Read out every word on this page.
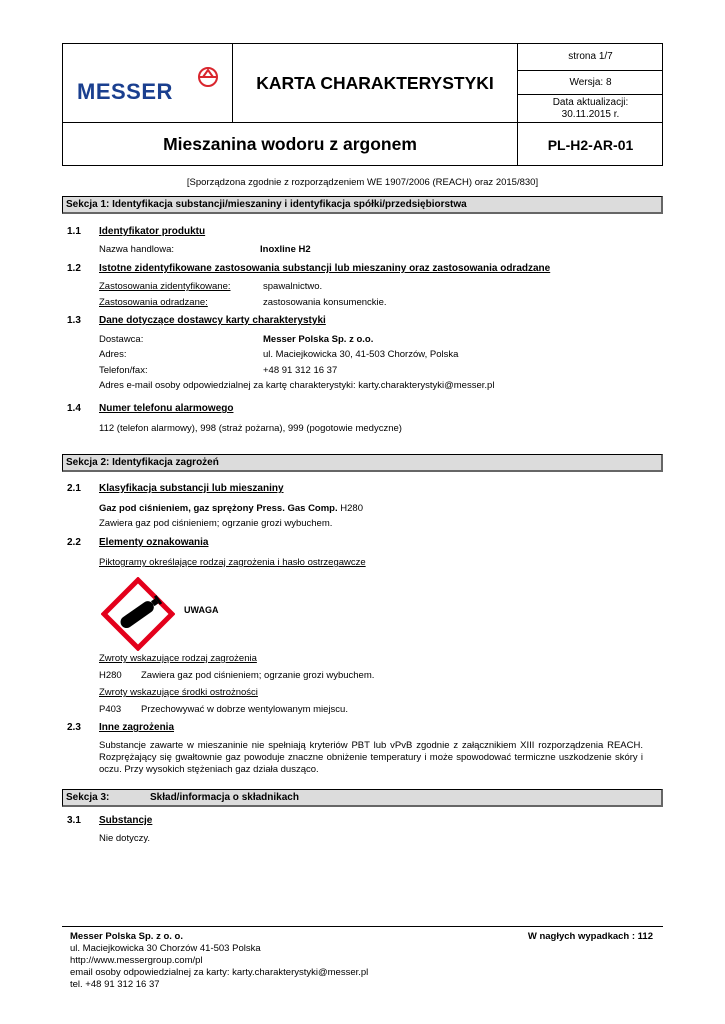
MESSER	KARTA CHARAKTERYSTYKI
strona 1/7
Wersja: 8
Data aktualizacji:
30.11.2015 r.
Mieszanina wodoru z argonem	PL-H2-AR-01
[Sporządzona zgodnie z rozporządzeniem WE 1907/2006 (REACH) oraz 2015/830]
Sekcja 1: Identyfikacja substancji/mieszaniny i identyfikacja spółki/przedsiębiorstwa
1.1 Identyfikator produktu
Nazwa handlowa:	Inoxline H2
1.2 Istotne zidentyfikowane zastosowania substancji lub mieszaniny oraz zastosowania odradzane
Zastosowania zidentyfikowane:	spawalnictwo.
Zastosowania odradzane:	zastosowania konsumenckie.
1.3 Dane dotyczące dostawcy karty charakterystyki
Dostawca:	Messer Polska Sp. z o.o.
Adres:	ul. Maciejkowicka 30, 41-503 Chorzów, Polska
Telefon/fax:	+48 91 312 16 37
Adres e-mail osoby odpowiedzialnej za kartę charakterystyki: karty.charakterystyki@messer.pl
1.4 Numer telefonu alarmowego
112 (telefon alarmowy), 998 (straż pożarna), 999 (pogotowie medyczne)
Sekcja 2: Identyfikacja zagrożeń
2.1 Klasyfikacja substancji lub mieszaniny
Gaz pod ciśnieniem, gaz sprężony Press. Gas Comp. H280
Zawiera gaz pod ciśnieniem; ogrzanie grozi wybuchem.
2.2 Elementy oznakowania
Piktogramy określające rodzaj zagrożenia i hasło ostrzegawcze
UWAGA
Zwroty wskazujące rodzaj zagrożenia
H280 Zawiera gaz pod ciśnieniem; ogrzanie grozi wybuchem.
Zwroty wskazujące środki ostrożności
P403 Przechowywać w dobrze wentylowanym miejscu.
2.3 Inne zagrożenia
Substancje zawarte w mieszaninie nie spełniają kryteriów PBT lub vPvB zgodnie z załącznikiem XIII rozporządzenia REACH. Rozprężający się gwałtownie gaz powoduje znaczne obniżenie temperatury i może spowodować termiczne uszkodzenie skóry i oczu. Przy wysokich stężeniach gaz działa dusząco.
Sekcja 3:	Skład/informacja o składnikach
3.1 Substancje
Nie dotyczy.
Messer Polska Sp. z o. o.
ul. Maciejkowicka 30 Chorzów 41-503 Polska
http://www.messergroup.com/pl
email osoby odpowiedzialnej za karty: karty.charakterystyki@messer.pl
tel. +48 91 312 16 37
W nagłych wypadkach : 112
